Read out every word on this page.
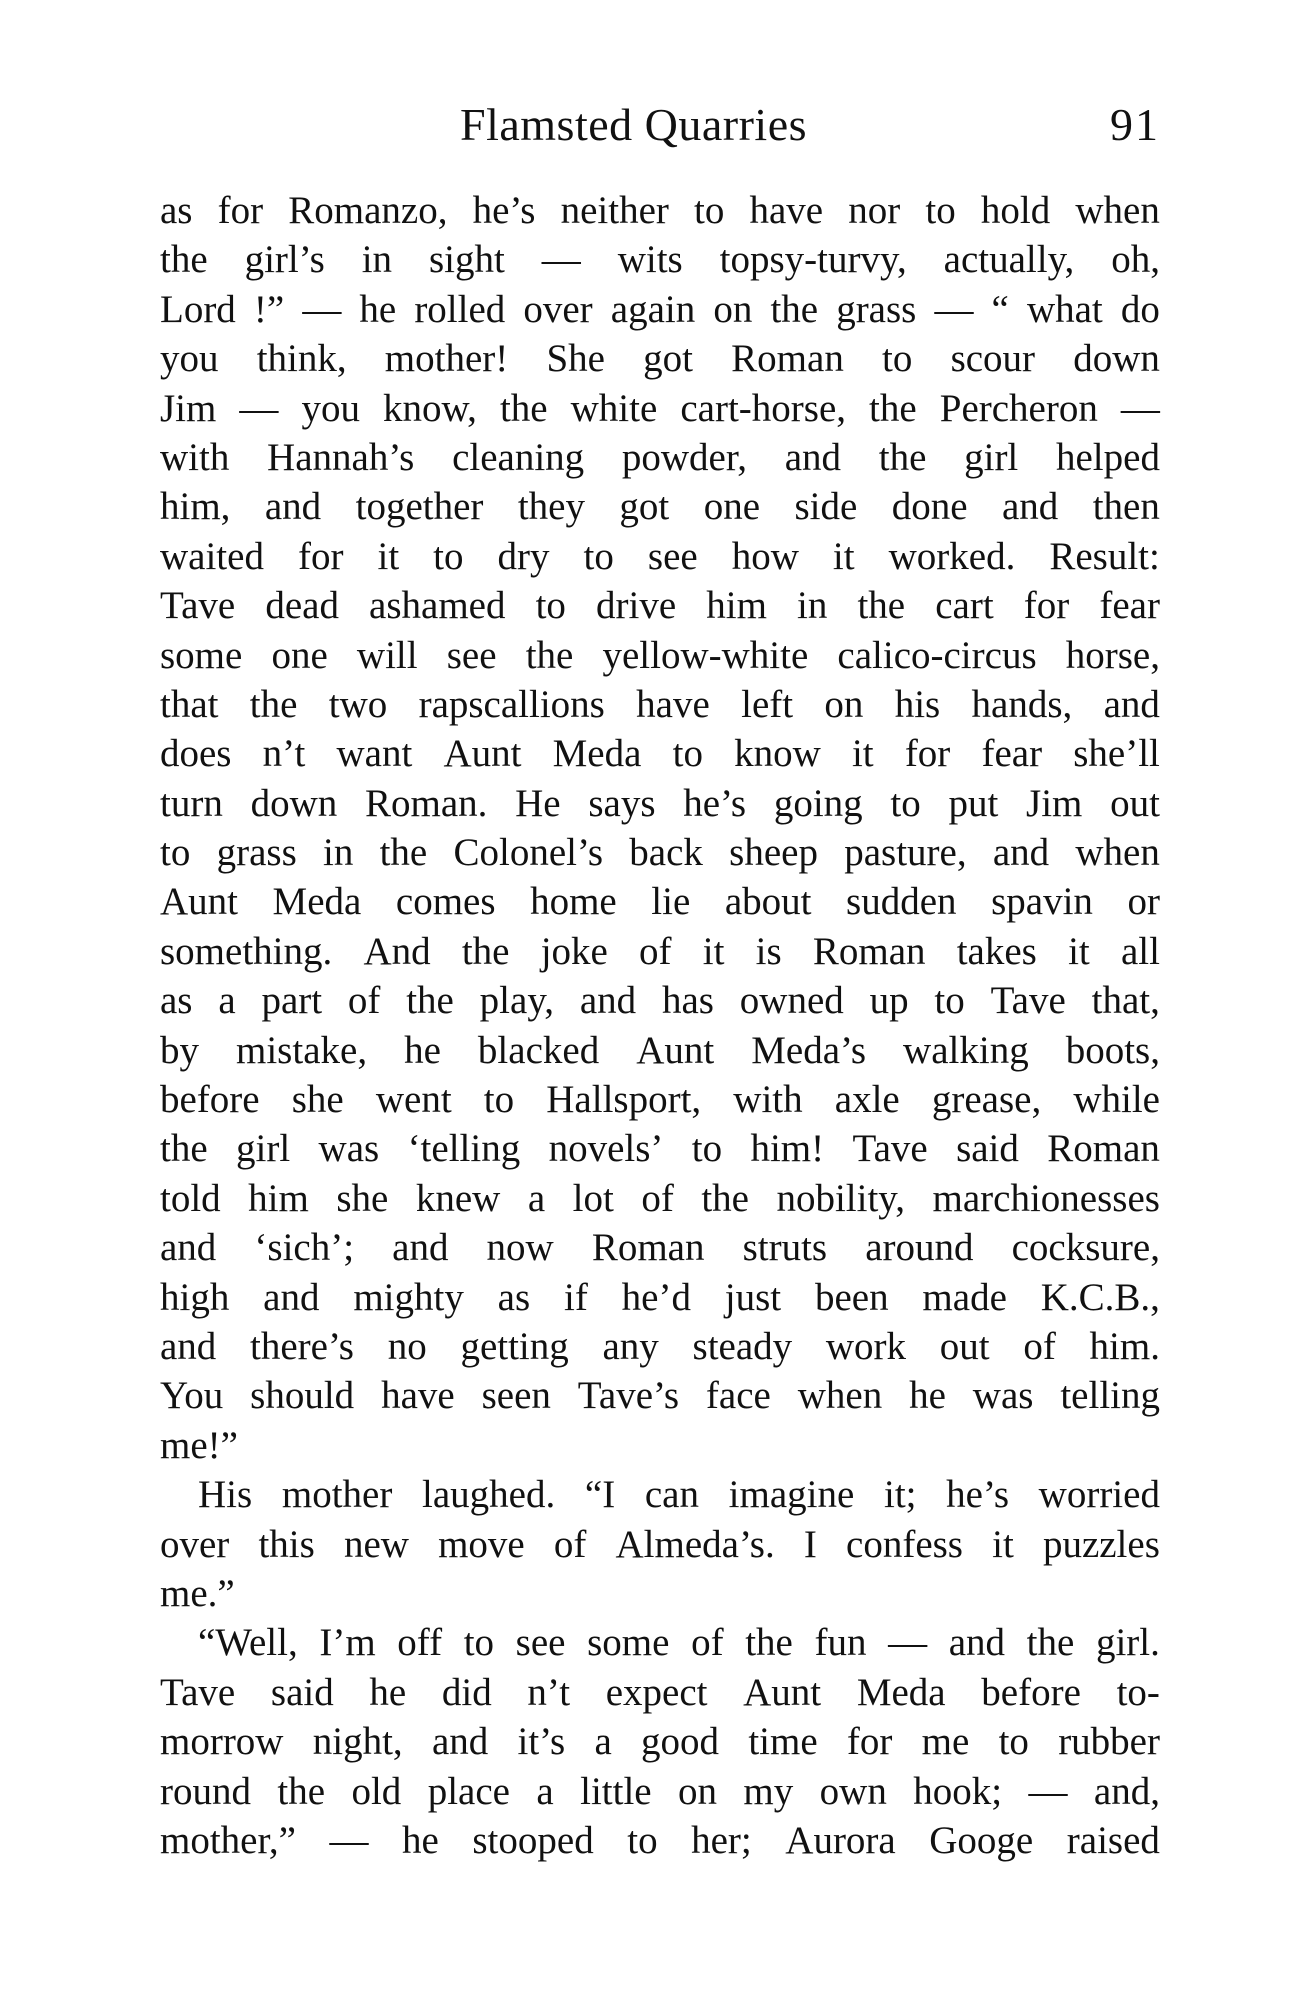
Flamsted Quarries	91
as for Romanzo, he’s neither to have nor to hold when
the girl’s in sight — wits topsy-turvy, actually, oh,
Lord !” — he rolled over again on the grass — “ what do
you think, mother! She got Roman to scour down
Jim — you know, the white cart-horse, the Percheron —
with Hannah’s cleaning powder, and the girl helped
him, and together they got one side done and then
waited for it to dry to see how it worked. Result:
Tave dead ashamed to drive him in the cart for fear
some one will see the yellow-white calico-circus horse,
that the two rapscallions have left on his hands, and
does n’t want Aunt Meda to know it for fear she’ll
turn down Roman. He says he’s going to put Jim out
to grass in the Colonel’s back sheep pasture, and when
Aunt Meda comes home lie about sudden spavin or
something. And the joke of it is Roman takes it all
as a part of the play, and has owned up to Tave that,
by mistake, he blacked Aunt Meda’s walking boots,
before she went to Hallsport, with axle grease, while
the girl was ‘telling novels’ to him! Tave said Roman
told him she knew a lot of the nobility, marchionesses
and ‘sich’; and now Roman struts around cocksure,
high and mighty as if he’d just been made K.C.B.,
and there’s no getting any steady work out of him.
You should have seen Tave’s face when he was telling
me!”
His mother laughed. “I can imagine it; he’s worried
over this new move of Almeda’s. I confess it puzzles
me.”
“Well, I’m off to see some of the fun — and the girl.
Tave said he did n’t expect Aunt Meda before to-
morrow night, and it’s a good time for me to rubber
round the old place a little on my own hook; — and,
mother,” — he stooped to her; Aurora Googe raised
